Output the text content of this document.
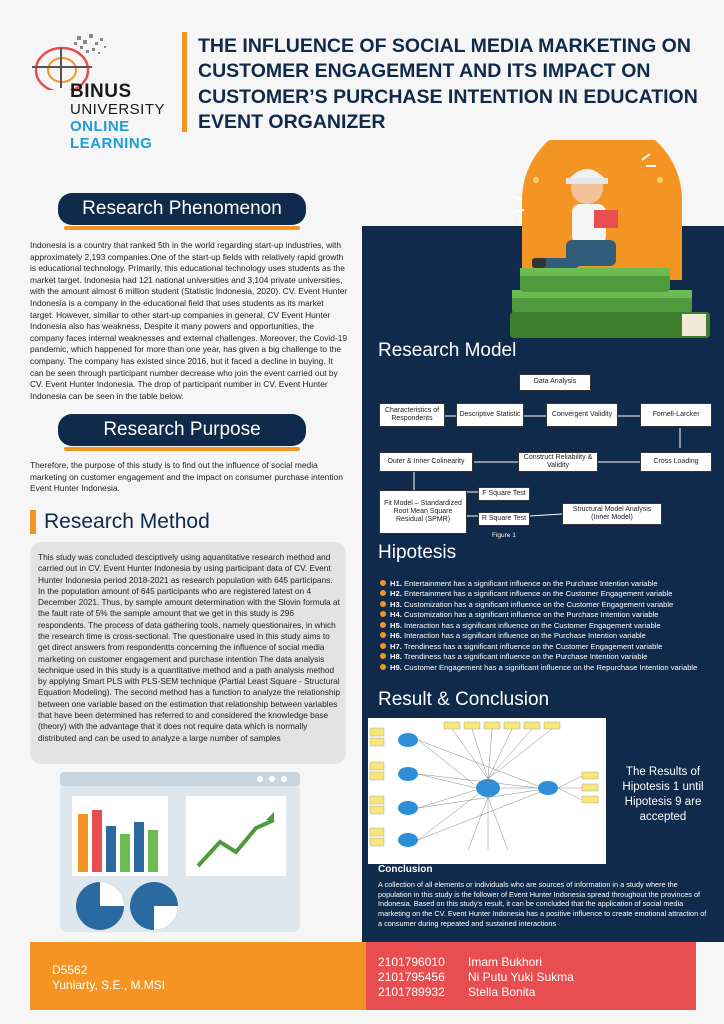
BINUS
UNIVERSITY
ONLINE
LEARNING
THE INFLUENCE OF SOCIAL MEDIA MARKETING ON CUSTOMER ENGAGEMENT AND ITS IMPACT ON CUSTOMER’S PURCHASE INTENTION IN EDUCATION EVENT ORGANIZER
Research Phenomenon
Indonesia is a country that ranked 5th in the world regarding start-up industries, with approximately 2,193 companies.One of the start-up fields with relatively rapid growth is educational technology. Primarily, this educational technology uses students as the market target. Indonesia had 121 national universities and 3,104 private universities, with the amount almost 6 million student (Statistic Indonesia, 2020). CV. Event Hunter Indonesia is a company in the educational field that uses students as its market target. However, similiar to other start-up companies in general, CV Event Hunter Indonesia also has weakness, Despite it many powers and opportunities, the company faces internal weaknesses and external challenges. Moreover, the Covid-19 pandemic, which happened for more than one year, has given a big challenge to the company. The company has existed since 2016, but it faced a decline in buying. It can be seen through participant number decrease who join the event carried out by CV. Event Hunter Indonesia. The drop of participant number in CV. Event Hunter Indonesia can be seen in the table below.
Research Purpose
Therefore, the purpose of this study is to find out the influence of social media marketing on customer engagement and the impact on consumer purchase intention Event Hunter Indonesia.
Research Method
This study was concluded desciptively using aquantitative research method and carried out in CV. Event Hunter Indonesia by using participant data of CV. Event Hunter Indonesia period 2018-2021 as research population with 645 participans. In the population amount of 645 participants who are registered latest on 4 December 2021. Thus, by sample amount determination with the Slovin formula at the fault rate of 5% the sample amount that we get in this study is 296 respondents. The process of data gathering tools, namely questionaires, in which the research time is cross-sectional. The questionaire used in this study aims to get direct answers from respondentts concerning the influence of social media marketing on customer engagement and purchase intention The data analysis technique used in this study is a quantitative method and a path analysis method by applying Smart PLS with PLS-SEM technique (Partial Least Square - Structural Equation Modeling). The second method has a function to analyze the relationship between one variable based on the estimation that relationship between variables that have been determined has referred to and considered the knowledge base (theory) with the advantage that it does not require data which is normally distributed and can be used to analyze a large number of samples
Research Model
Data Analysis
Characteristics of Respondents
Descriptive Statistic	Convergent Validity	Fornell-Larcker
Cross Loading
Construct Reliability & Validity
Outer & Inner Colinearity
Fit Model – Standardized Root Mean Square Residual (SPMR)
F Square Test
R Square Test
Structural Model Analysis (Inner Model)
Figure 1
Hipotesis
H1. Entertainment has a significant influence on the Purchase Intention variable
H2. Entertainment has a significant influence on the Customer Engagement variable
H3. Customization has a significant influence on the Customer Engagement variable
H4. Customization has a significant influence on the Purchase Intention variable
H5. Interaction has a significant influence on the Customer Engagement variable
H6. Interaction has a significant influence on the Purchase Intention variable
H7. Trendiness has a significant influence on the Customer Engagement variable
H8. Trendiness has a significant influence on the Purchase Intention variable
H9. Customer Engagement has a significant influence on the Repurchase Intention variable
Result & Conclusion
FIGURE 1. SEM Full Model of P & T Value	Figure 2
The Results of Hipotesis 1 until Hipotesis 9 are accepted
Conclusion
A collection of all elements or individuals who are sources of information in a study where the population in this study is the follower of Event Hunter Indonesia spread throughout the provinces of Indonesia. Based on this study's result, it can be concluded that the application of social media marketing on the CV. Event Hunter Indonesia has a positive influence to create emotional attraction of a consumer during repeated and sustained interactions
D5562
Yuniarty, S.E., M.MSI
2101796010	Imam Bukhori
2101795456	Ni Putu Yuki Sukma
2101789932	Stella Bonita
